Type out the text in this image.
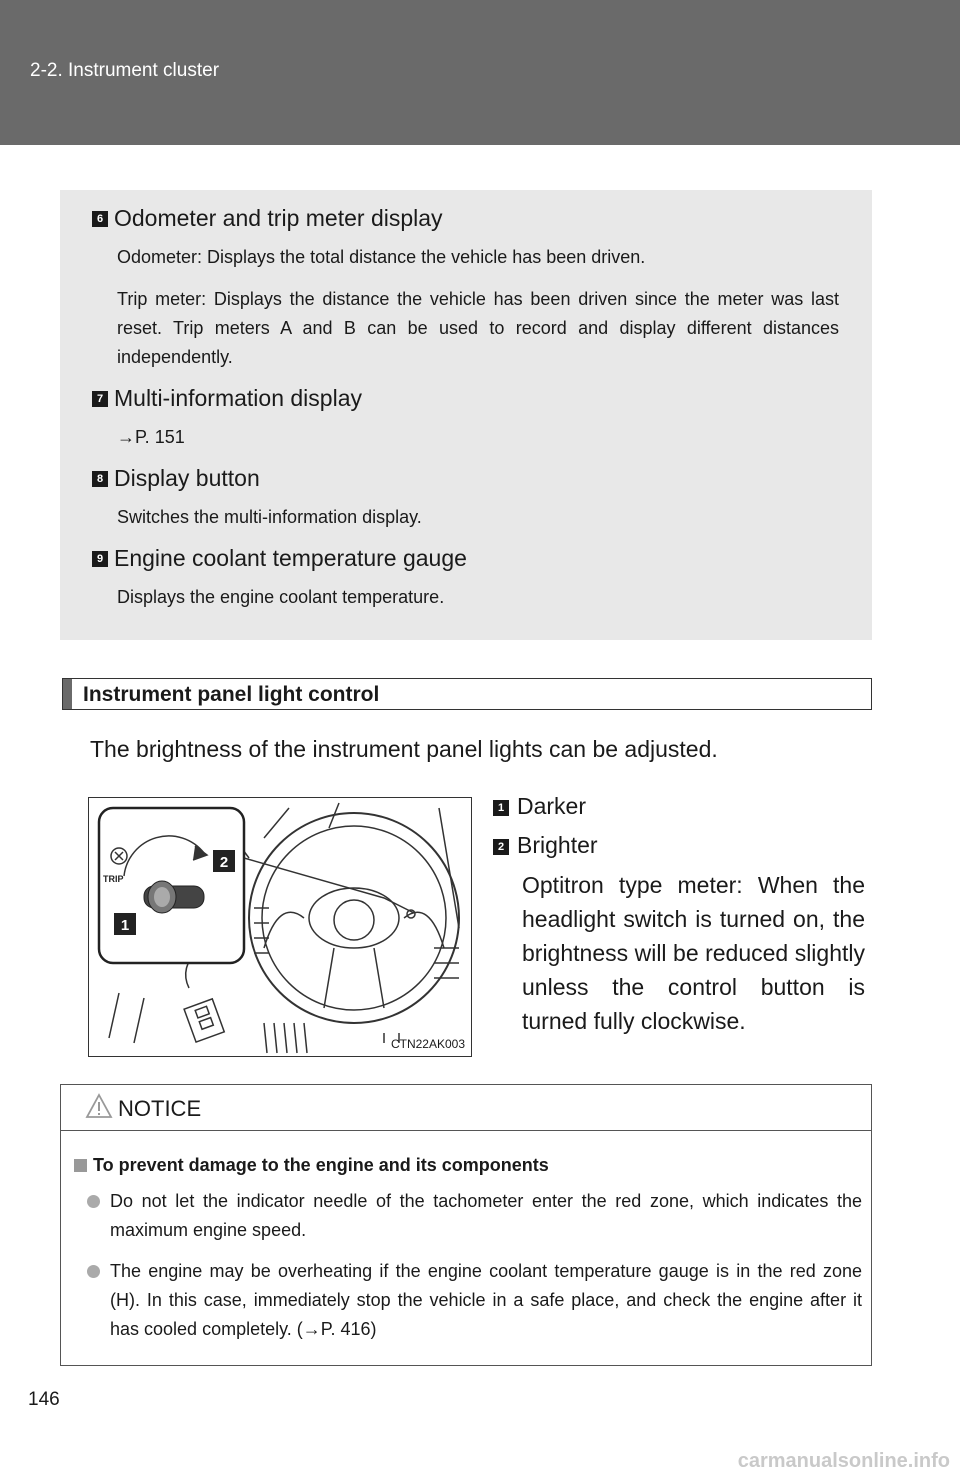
2-2. Instrument cluster
6 Odometer and trip meter display
Odometer: Displays the total distance the vehicle has been driven.
Trip meter: Displays the distance the vehicle has been driven since the meter was last reset. Trip meters A and B can be used to record and display different distances independently.
7 Multi-information display
→P. 151
8 Display button
Switches the multi-information display.
9 Engine coolant temperature gauge
Displays the engine coolant temperature.
Instrument panel light control
The brightness of the instrument panel lights can be adjusted.
TRIP
2
1
CTN22AK003
1 Darker
2 Brighter
Optitron type meter: When the headlight switch is turned on, the brightness will be reduced slightly unless the control button is turned fully clockwise.
NOTICE
To prevent damage to the engine and its components
Do not let the indicator needle of the tachometer enter the red zone, which indicates the maximum engine speed.
The engine may be overheating if the engine coolant temperature gauge is in the red zone (H). In this case, immediately stop the vehicle in a safe place, and check the engine after it has cooled completely. (→P. 416)
146
carmanualsonline.info
